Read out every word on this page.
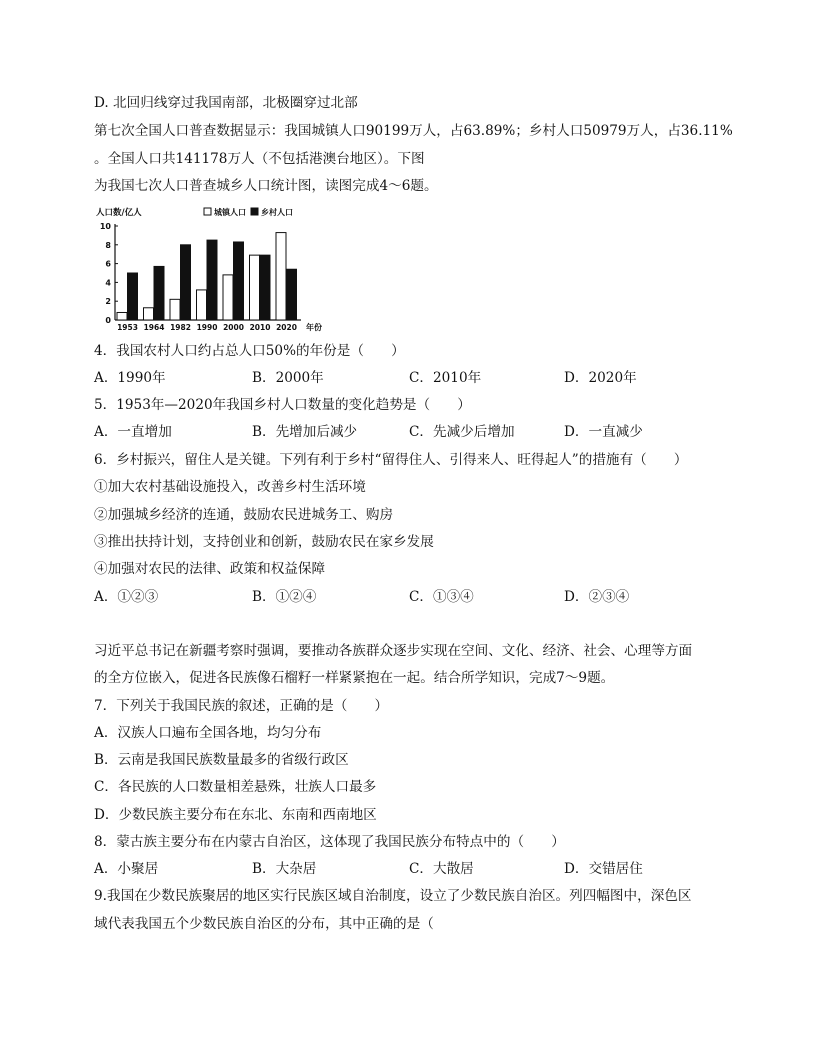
D. 北回归线穿过我国南部，北极圈穿过北部
第七次全国人口普查数据显示：我国城镇人口90199万人，占63.89%；乡村人口50979万人，占36.11%
。全国人口共141178万人（不包括港澳台地区）。下图
为我国七次人口普查城乡人口统计图，读图完成4～6题。
0
2
4
6
8
10
人口数/亿人
1953 1964 1982 1990 2000 2010 2020 年份
城镇人口 乡村人口
4．我国农村人口约占总人口50%的年份是（　　）
A．1990年	B．2000年	C．2010年	D．2020年
5．1953年—2020年我国乡村人口数量的变化趋势是（　　）
A．一直增加	B．先增加后减少	C．先减少后增加	D．一直减少
6．乡村振兴，留住人是关键。下列有利于乡村“留得住人、引得来人、旺得起人”的措施有（　　）
①加大农村基础设施投入，改善乡村生活环境
②加强城乡经济的连通，鼓励农民进城务工、购房
③推出扶持计划，支持创业和创新，鼓励农民在家乡发展
④加强对农民的法律、政策和权益保障
A．①②③	B．①②④	C．①③④	D．②③④
习近平总书记在新疆考察时强调，要推动各族群众逐步实现在空间、文化、经济、社会、心理等方面
的全方位嵌入，促进各民族像石榴籽一样紧紧抱在一起。结合所学知识，完成7～9题。
7．下列关于我国民族的叙述，正确的是（　　）
A．汉族人口遍布全国各地，均匀分布
B．云南是我国民族数量最多的省级行政区
C．各民族的人口数量相差悬殊，壮族人口最多
D．少数民族主要分布在东北、东南和西南地区
8．蒙古族主要分布在内蒙古自治区，这体现了我国民族分布特点中的（　　）
A．小聚居	B．大杂居	C．大散居	D．交错居住
9.我国在少数民族聚居的地区实行民族区域自治制度，设立了少数民族自治区。列四幅图中，深色区
域代表我国五个少数民族自治区的分布，其中正确的是（
